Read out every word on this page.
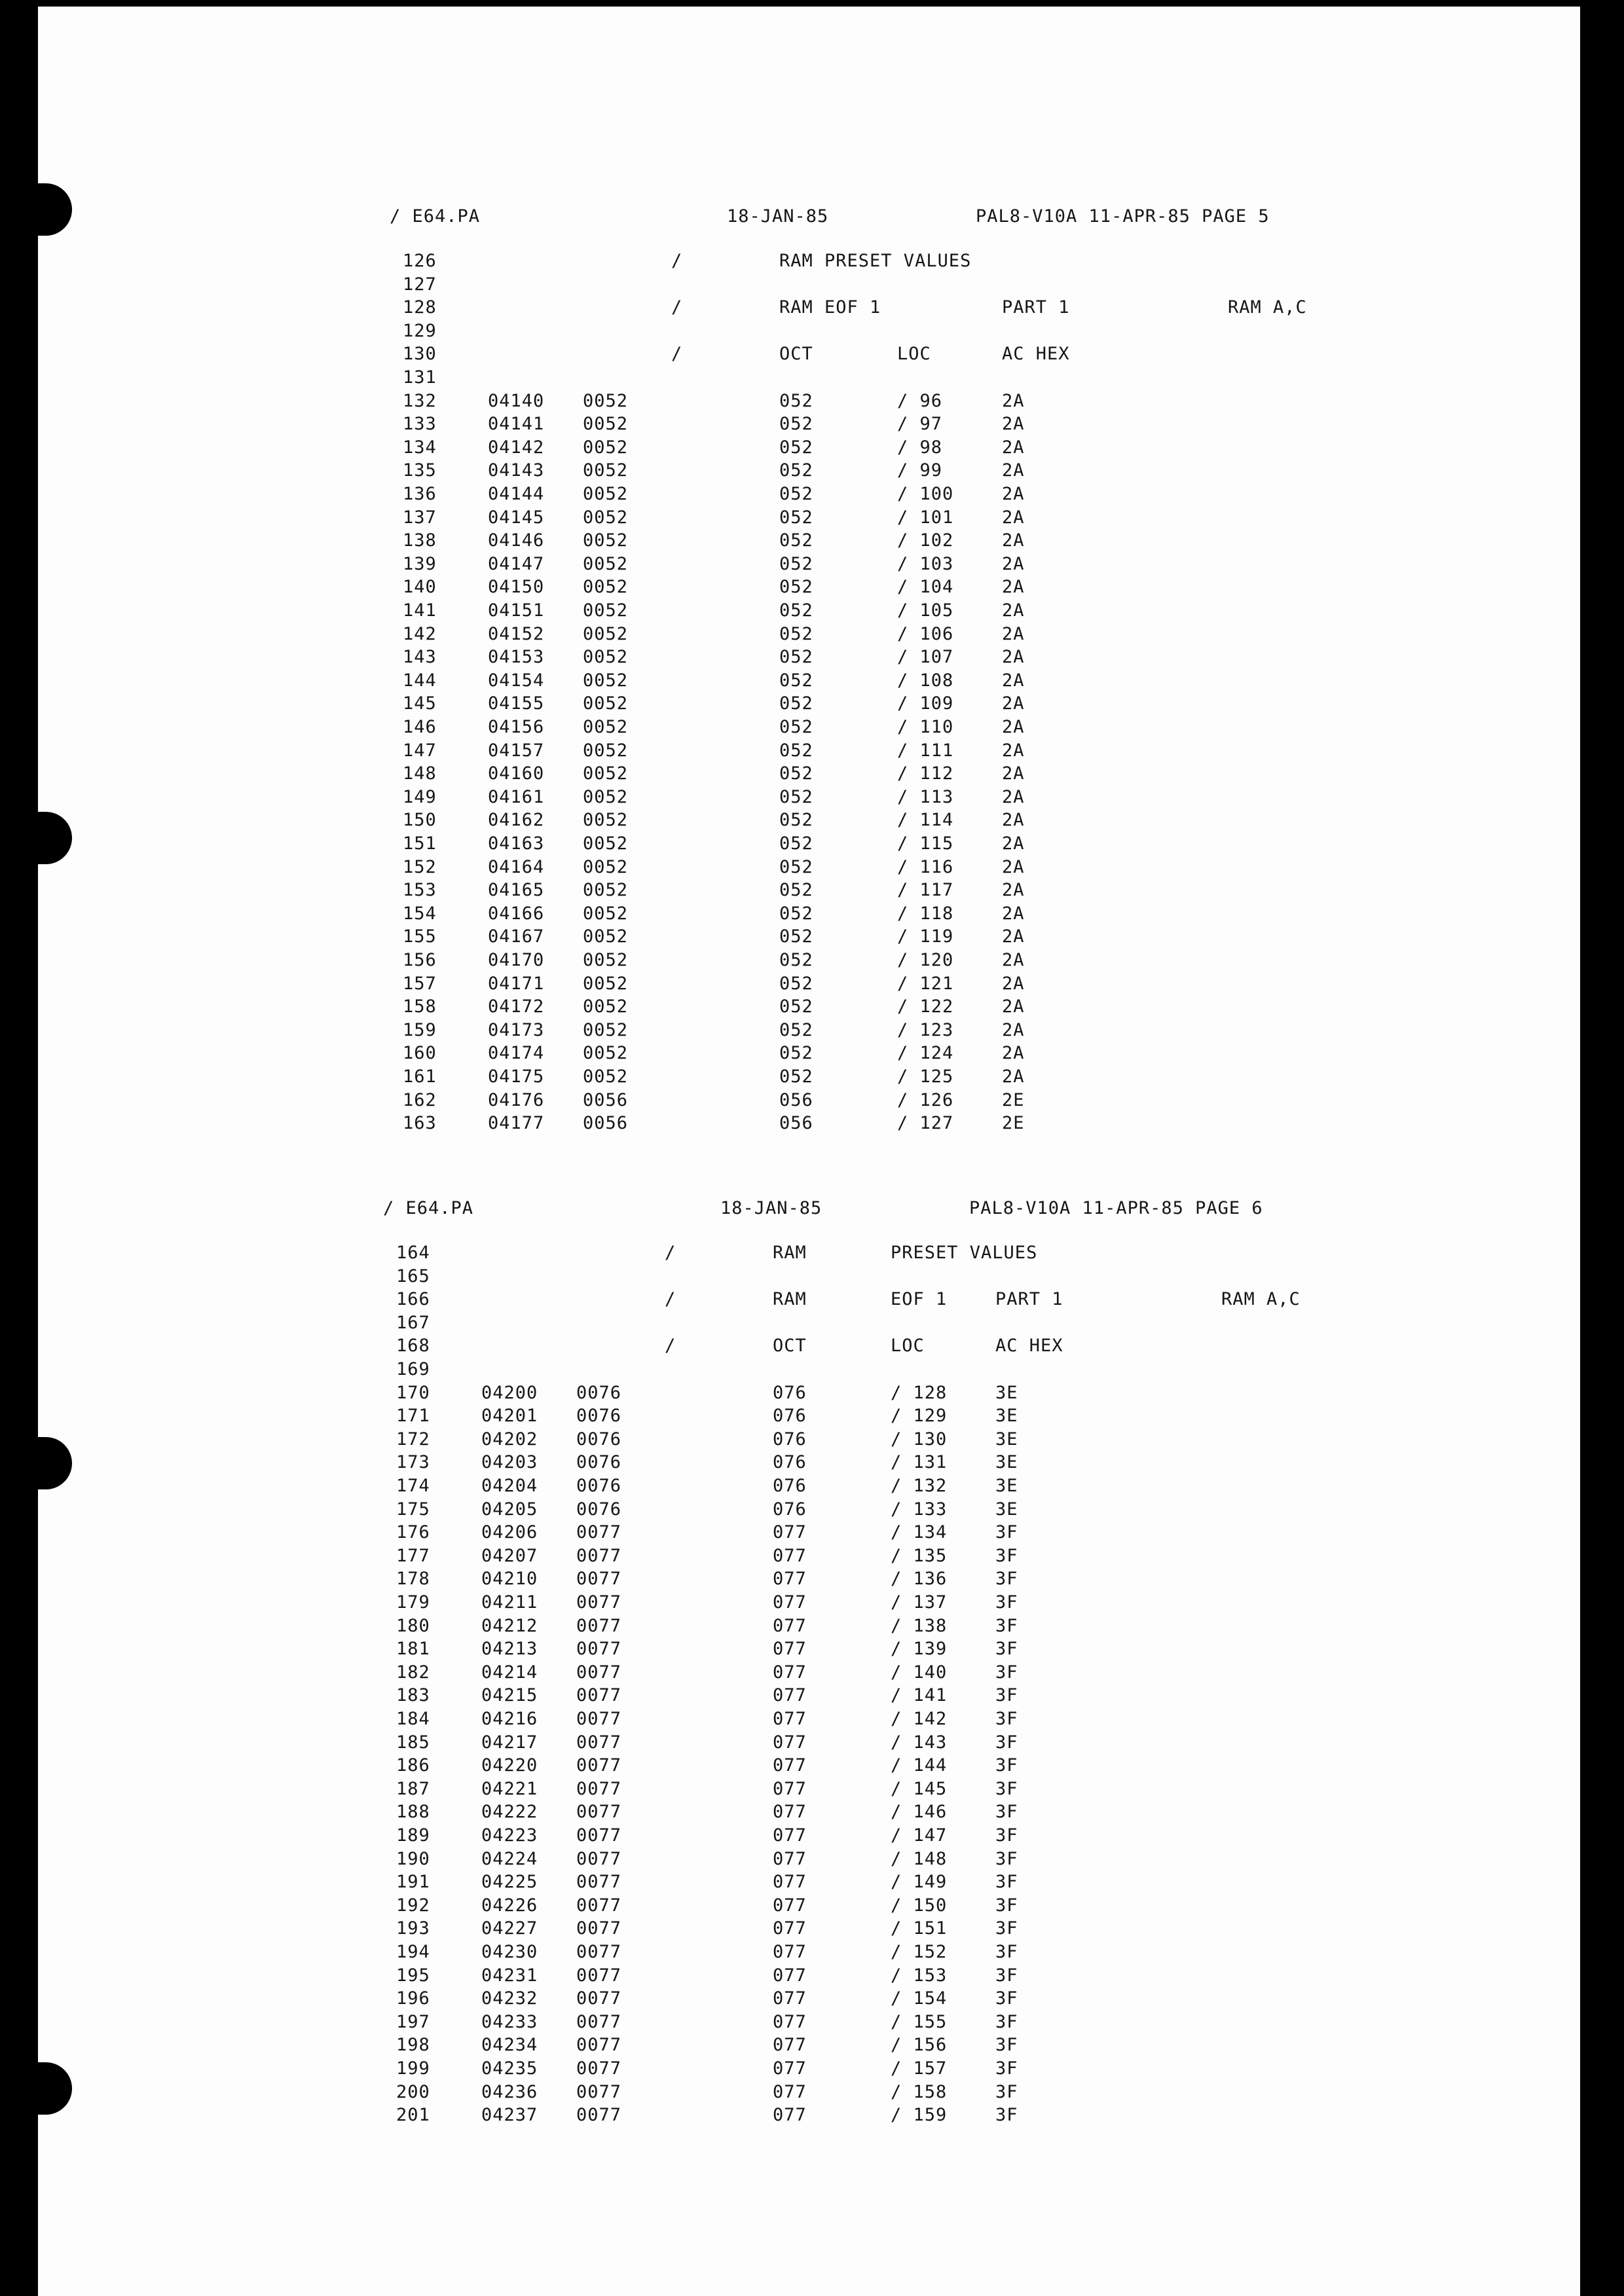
/ E64.PA

	18-JAN-85

	PAL8-V10A 11-APR-85 PAGE 5

126	/	RAM PRESET VALUES
127
128	/	RAM EOF 1	PART 1	RAM A,C
129
130	/	OCT	LOC	AC HEX
131
132	04140 0052	052	/ 96	2A
133	04141 0052	052	/ 97	2A
134	04142 0052	052	/ 98	2A
135	04143 0052	052	/ 99	2A
136	04144 0052	052	/ 100	2A
137	04145 0052	052	/ 101	2A
138	04146 0052	052	/ 102	2A
139	04147 0052	052	/ 103	2A
140	04150 0052	052	/ 104	2A
141	04151 0052	052	/ 105	2A
142	04152 0052	052	/ 106	2A
143	04153 0052	052	/ 107	2A
144	04154 0052	052	/ 108	2A
145	04155 0052	052	/ 109	2A
146	04156 0052	052	/ 110	2A
147	04157 0052	052	/ 111	2A
148	04160 0052	052	/ 112	2A
149	04161 0052	052	/ 113	2A
150	04162 0052	052	/ 114	2A
151	04163 0052	052	/ 115	2A
152	04164 0052	052	/ 116	2A
153	04165 0052	052	/ 117	2A
154	04166 0052	052	/ 118	2A
155	04167 0052	052	/ 119	2A
156	04170 0052	052	/ 120	2A
157	04171 0052	052	/ 121	2A
158	04172 0052	052	/ 122	2A
159	04173 0052	052	/ 123	2A
160	04174 0052	052	/ 124	2A
161	04175 0052	052	/ 125	2A
162	04176 0056	056	/ 126	2E
163	04177 0056	056	/ 127	2E

/ E64.PA

	18-JAN-85

	PAL8-V10A 11-APR-85 PAGE 6

164	/	RAM	PRESET VALUES
165
166	/	RAM	EOF 1	PART 1	RAM A,C
167
168	/	OCT	LOC	AC HEX
169
170	04200 0076	076	/ 128	3E
171	04201 0076	076	/ 129	3E
172	04202 0076	076	/ 130	3E
173	04203 0076	076	/ 131	3E
174	04204 0076	076	/ 132	3E
175	04205 0076	076	/ 133	3E
176	04206 0077	077	/ 134	3F
177	04207 0077	077	/ 135	3F
178	04210 0077	077	/ 136	3F
179	04211 0077	077	/ 137	3F
180	04212 0077	077	/ 138	3F
181	04213 0077	077	/ 139	3F
182	04214 0077	077	/ 140	3F
183	04215 0077	077	/ 141	3F
184	04216 0077	077	/ 142	3F
185	04217 0077	077	/ 143	3F
186	04220 0077	077	/ 144	3F
187	04221 0077	077	/ 145	3F
188	04222 0077	077	/ 146	3F
189	04223 0077	077	/ 147	3F
190	04224 0077	077	/ 148	3F
191	04225 0077	077	/ 149	3F
192	04226 0077	077	/ 150	3F
193	04227 0077	077	/ 151	3F
194	04230 0077	077	/ 152	3F
195	04231 0077	077	/ 153	3F
196	04232 0077	077	/ 154	3F
197	04233 0077	077	/ 155	3F
198	04234 0077	077	/ 156	3F
199	04235 0077	077	/ 157	3F
200	04236 0077	077	/ 158	3F
201	04237 0077	077	/ 159	3F
